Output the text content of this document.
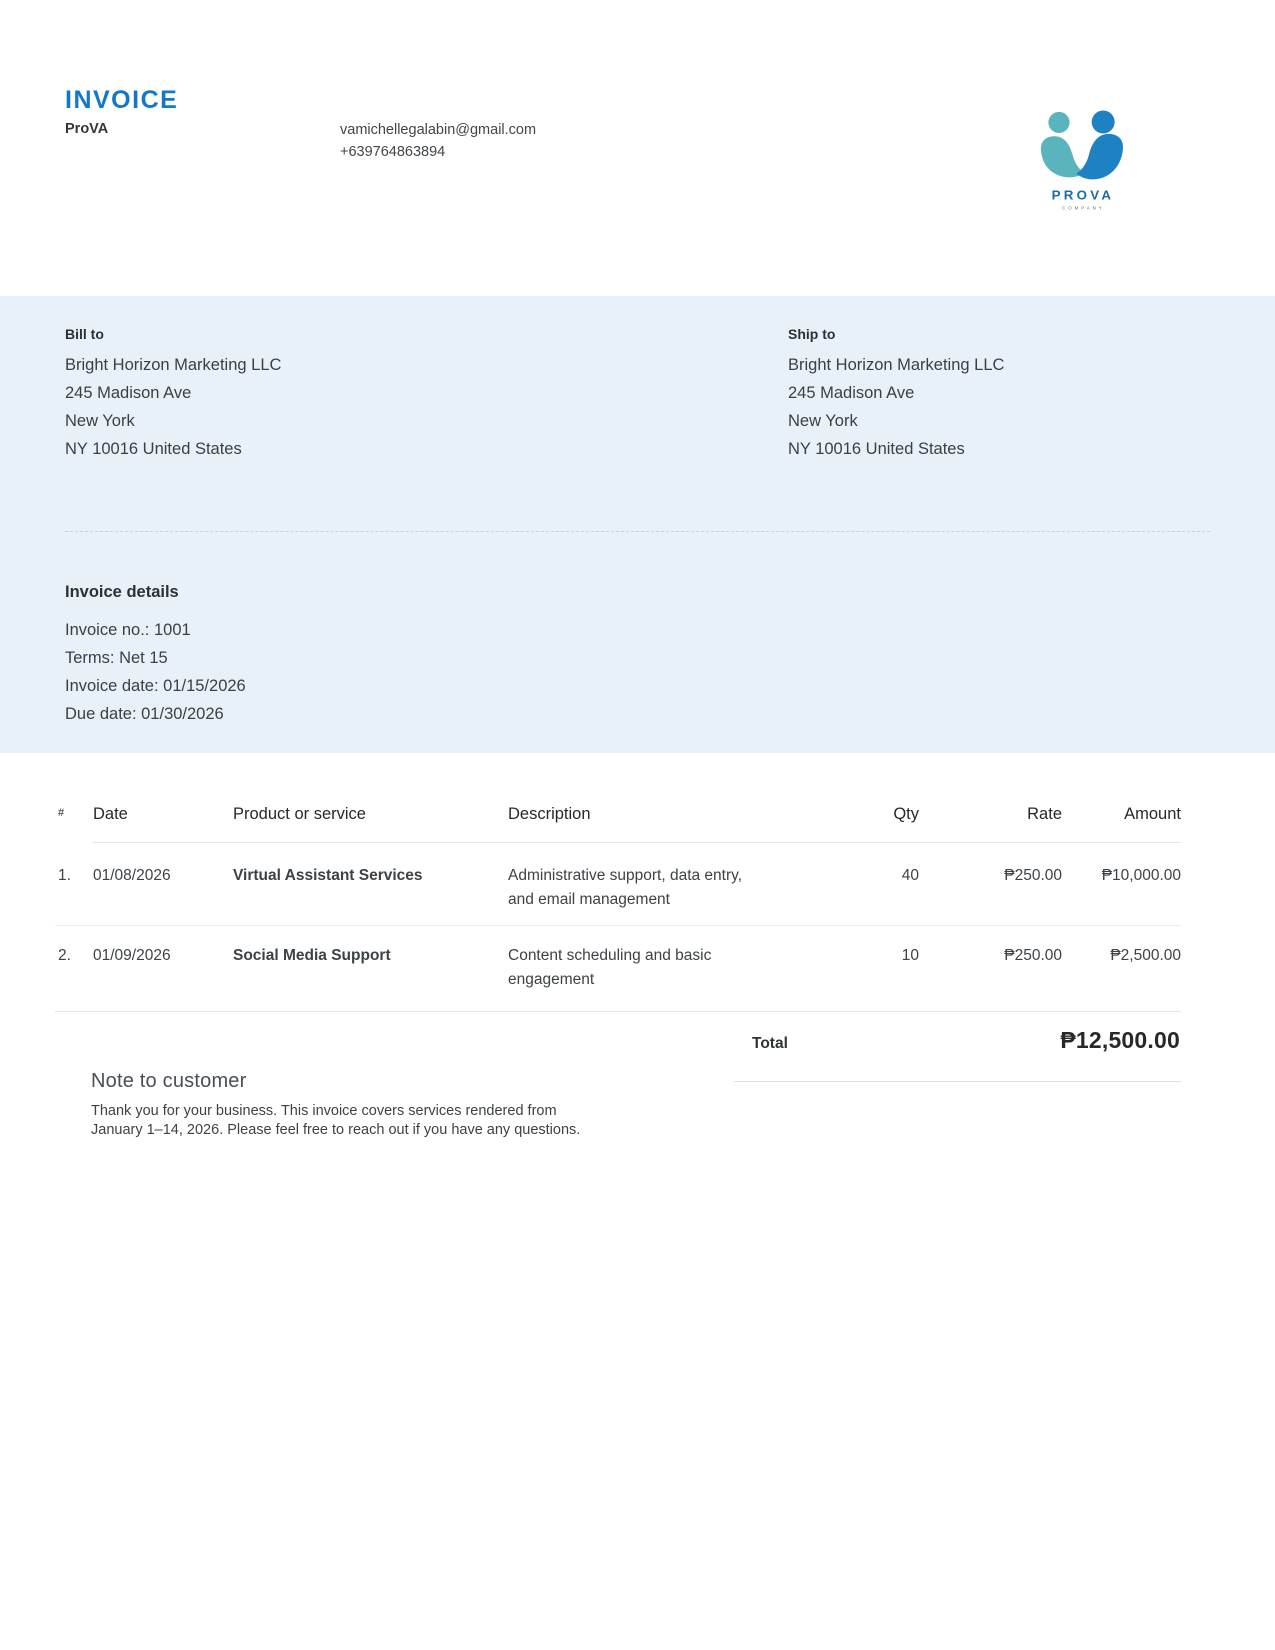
INVOICE
ProVA	vamichellegalabin@gmail.com
+639764863894
PROVA
COMPANY
Bill to
Bright Horizon Marketing LLC
245 Madison Ave
New York
NY 10016 United States
Ship to
Bright Horizon Marketing LLC
245 Madison Ave
New York
NY 10016 United States
Invoice details
Invoice no.: 1001
Terms: Net 15
Invoice date: 01/15/2026
Due date: 01/30/2026
#	Date	Product or service	Description	Qty	Rate	Amount
1.	01/08/2026	Virtual Assistant Services	Administrative support, data entry, and email management	40	₱250.00	₱10,000.00
2.	01/09/2026	Social Media Support	Content scheduling and basic engagement	10	₱250.00	₱2,500.00
Note to customer
Thank you for your business. This invoice covers services rendered from January 1–14, 2026. Please feel free to reach out if you have any questions.
Total	₱12,500.00
